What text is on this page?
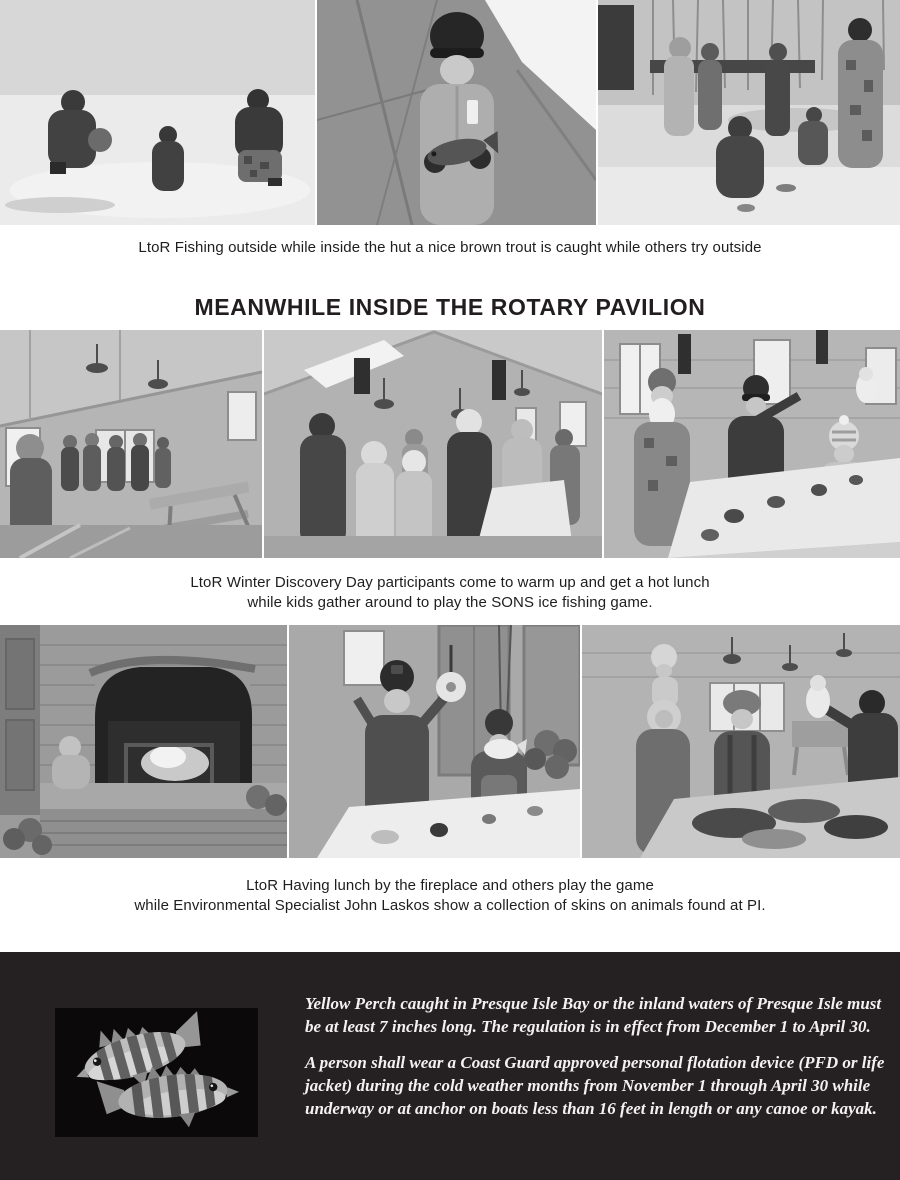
LtoR Fishing outside while inside the hut a nice brown trout is caught while others try outside
MEANWHILE INSIDE THE ROTARY PAVILION
LtoR Winter Discovery Day participants come to warm up and get a hot lunch
while kids gather around to play the SONS ice fishing game.
LtoR Having lunch by the fireplace and others play the game
while Environmental Specialist John Laskos show a collection of skins on animals found at PI.

Yellow Perch caught in Presque Isle Bay or the inland waters of Presque Isle must be at least 7 inches long. The regulation is in effect from December 1 to April 30.

A person shall wear a Coast Guard approved personal flotation device (PFD or life jacket) during the cold weather months from November 1 through April 30 while underway or at anchor on boats less than 16 feet in length or any canoe or kayak.
